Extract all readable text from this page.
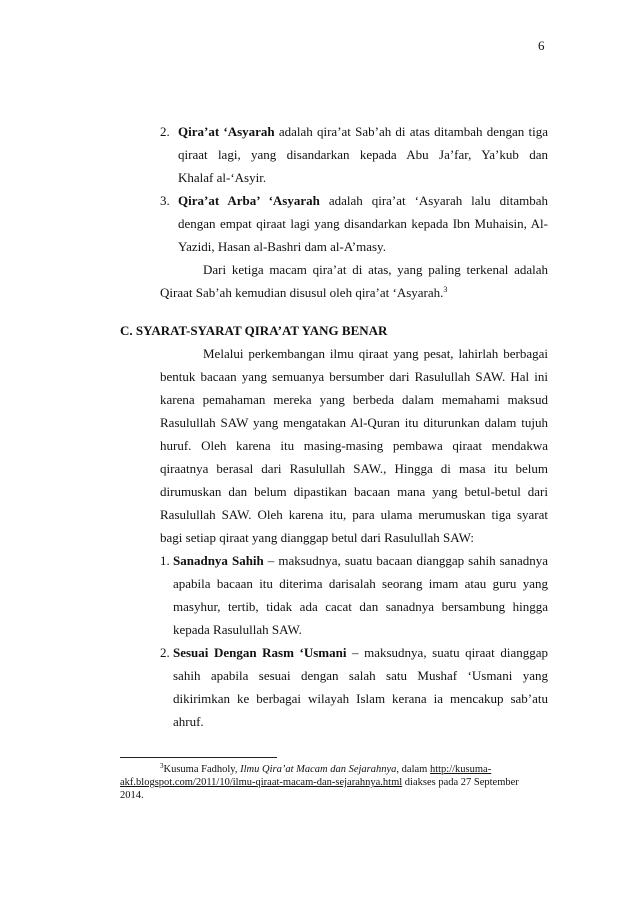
6
2. Qira’at ‘Asyarah adalah qira’at Sab’ah di atas ditambah dengan tiga
qiraat lagi, yang disandarkan kepada Abu Ja’far, Ya’kub dan
Khalaf al-‘Asyir.
3. Qira’at Arba’ ‘Asyarah adalah qira’at ‘Asyarah lalu ditambah
dengan empat qiraat lagi yang disandarkan kepada Ibn Muhaisin, Al-
Yazidi, Hasan al-Bashri dam al-A’masy.
Dari ketiga macam qira’at di atas, yang paling terkenal adalah
Qiraat Sab’ah kemudian disusul oleh qira’at ‘Asyarah.$^3$
C. SYARAT-SYARAT QIRA’AT YANG BENAR
Melalui perkembangan ilmu qiraat yang pesat, lahirlah berbagai
bentuk bacaan yang semuanya bersumber dari Rasulullah SAW. Hal ini
karena pemahaman mereka yang berbeda dalam memahami maksud
Rasulullah SAW yang mengatakan Al-Quran itu diturunkan dalam tujuh
huruf. Oleh karena itu masing-masing pembawa qiraat mendakwa
qiraatnya berasal dari Rasulullah SAW., Hingga di masa itu belum
dirumuskan dan belum dipastikan bacaan mana yang betul-betul dari
Rasulullah SAW. Oleh karena itu, para ulama merumuskan tiga syarat
bagi setiap qiraat yang dianggap betul dari Rasulullah SAW:
1. Sanadnya Sahih – maksudnya, suatu bacaan dianggap sahih sanadnya
apabila bacaan itu diterima darisalah seorang imam atau guru yang
masyhur, tertib, tidak ada cacat dan sanadnya bersambung hingga
kepada Rasulullah SAW.
2. Sesuai Dengan Rasm ‘Usmani – maksudnya, suatu qiraat dianggap
sahih apabila sesuai dengan salah satu Mushaf ‘Usmani yang
dikirimkan ke berbagai wilayah Islam kerana ia mencakup sab’atu
ahruf.
$^3$Kusuma Fadholy, Ilmu Qira’at Macam dan Sejarahnya, dalam http://kusuma-
akf.blogspot.com/2011/10/ilmu-qiraat-macam-dan-sejarahnya.html diakses pada 27 September
2014.
